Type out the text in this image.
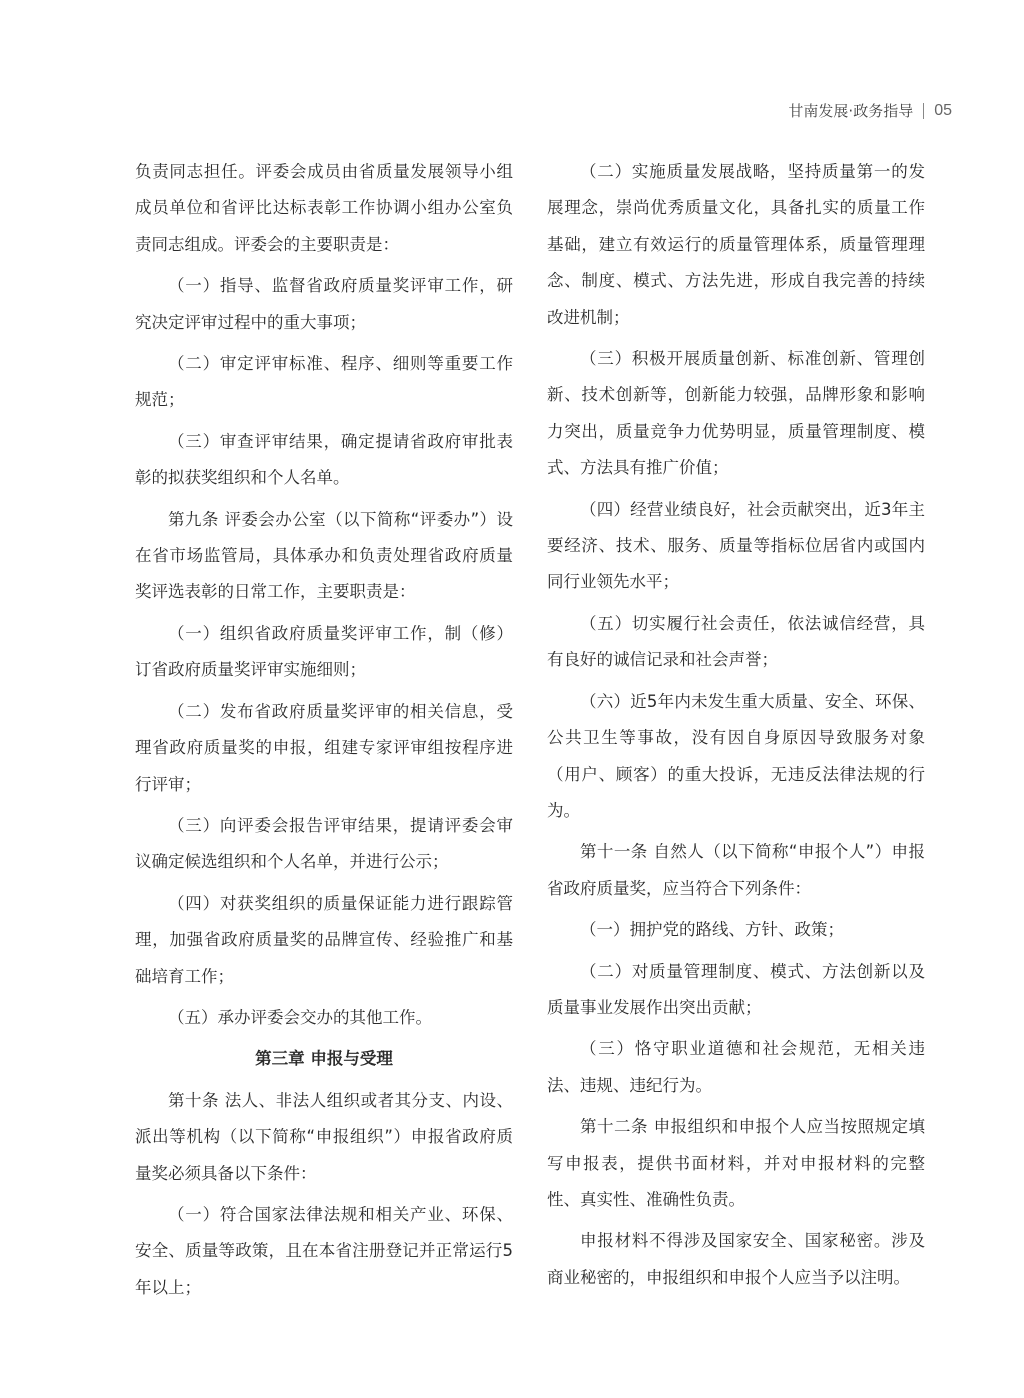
甘南发展·政务指导 05

负责同志担任。评委会成员由省质量发展领导小组成员单位和省评比达标表彰工作协调小组办公室负责同志组成。评委会的主要职责是：

（一）指导、监督省政府质量奖评审工作，研究决定评审过程中的重大事项；

（二）审定评审标准、程序、细则等重要工作规范；

（三）审查评审结果，确定提请省政府审批表彰的拟获奖组织和个人名单。

第九条 评委会办公室（以下简称“评委办”）设在省市场监管局，具体承办和负责处理省政府质量奖评选表彰的日常工作，主要职责是：

（一）组织省政府质量奖评审工作，制（修）订省政府质量奖评审实施细则；

（二）发布省政府质量奖评审的相关信息，受理省政府质量奖的申报，组建专家评审组按程序进行评审；

（三）向评委会报告评审结果，提请评委会审议确定候选组织和个人名单，并进行公示；

（四）对获奖组织的质量保证能力进行跟踪管理，加强省政府质量奖的品牌宣传、经验推广和基础培育工作；

（五）承办评委会交办的其他工作。

第三章 申报与受理

第十条 法人、非法人组织或者其分支、内设、派出等机构（以下简称“申报组织”）申报省政府质量奖必须具备以下条件：

（一）符合国家法律法规和相关产业、环保、安全、质量等政策，且在本省注册登记并正常运行5年以上；

（二）实施质量发展战略，坚持质量第一的发展理念，崇尚优秀质量文化，具备扎实的质量工作基础，建立有效运行的质量管理体系，质量管理理念、制度、模式、方法先进，形成自我完善的持续改进机制；

（三）积极开展质量创新、标准创新、管理创新、技术创新等，创新能力较强，品牌形象和影响力突出，质量竞争力优势明显，质量管理制度、模式、方法具有推广价值；

（四）经营业绩良好，社会贡献突出，近3年主要经济、技术、服务、质量等指标位居省内或国内同行业领先水平；

（五）切实履行社会责任，依法诚信经营，具有良好的诚信记录和社会声誉；

（六）近5年内未发生重大质量、安全、环保、公共卫生等事故，没有因自身原因导致服务对象（用户、顾客）的重大投诉，无违反法律法规的行为。

第十一条 自然人（以下简称“申报个人”）申报省政府质量奖，应当符合下列条件：

（一）拥护党的路线、方针、政策；

（二）对质量管理制度、模式、方法创新以及质量事业发展作出突出贡献；

（三）恪守职业道德和社会规范，无相关违法、违规、违纪行为。

第十二条 申报组织和申报个人应当按照规定填写申报表，提供书面材料，并对申报材料的完整性、真实性、准确性负责。

申报材料不得涉及国家安全、国家秘密。涉及商业秘密的，申报组织和申报个人应当予以注明。
